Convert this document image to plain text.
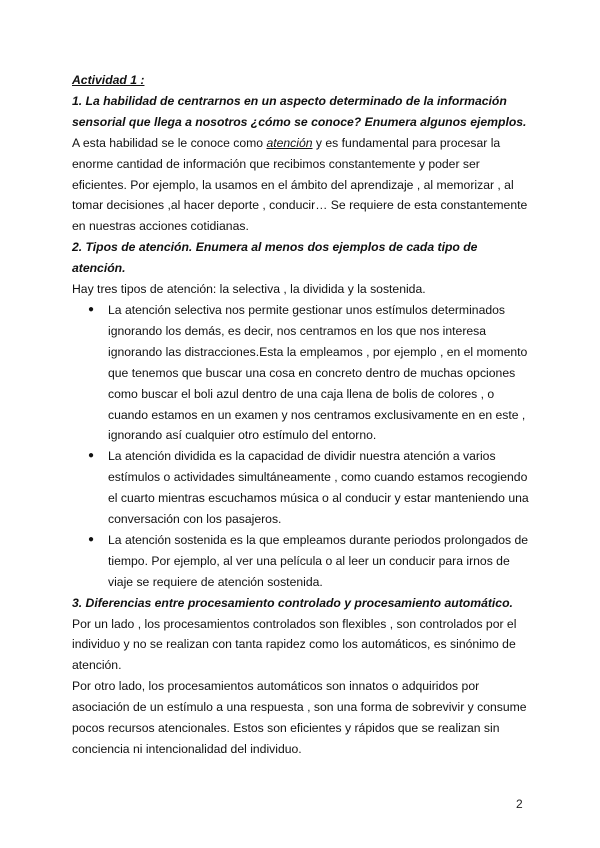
Actividad 1 :

1. La habilidad de centrarnos en un aspecto determinado de la información sensorial que llega a nosotros ¿cómo se conoce? Enumera algunos ejemplos.

A esta habilidad se le conoce como atención y es fundamental para procesar la enorme cantidad de información que recibimos constantemente y poder ser eficientes. Por ejemplo, la usamos en el ámbito del aprendizaje , al memorizar , al tomar decisiones ,al hacer deporte , conducir… Se requiere de esta constantemente en nuestras acciones cotidianas.

2. Tipos de atención. Enumera al menos dos ejemplos de cada tipo de atención.

Hay tres tipos de atención: la selectiva , la dividida y la sostenida.

● La atención selectiva nos permite gestionar unos estímulos determinados ignorando los demás, es decir, nos centramos en los que nos interesa ignorando las distracciones.Esta la empleamos , por ejemplo , en el momento que tenemos que buscar una cosa en concreto dentro de muchas opciones como buscar el boli azul dentro de una caja llena de bolis de colores , o cuando estamos en un examen y nos centramos exclusivamente en en este , ignorando así cualquier otro estímulo del entorno.
● La atención dividida es la capacidad de dividir nuestra atención a varios estímulos o actividades simultáneamente , como cuando estamos recogiendo el cuarto mientras escuchamos música o al conducir y estar manteniendo una conversación con los pasajeros.
● La atención sostenida es la que empleamos durante periodos prolongados de tiempo. Por ejemplo, al ver una película o al leer un conducir para irnos de viaje se requiere de atención sostenida.

3. Diferencias entre procesamiento controlado y procesamiento automático.

Por un lado , los procesamientos controlados son flexibles , son controlados por el individuo y no se realizan con tanta rapidez como los automáticos, es sinónimo de atención.

Por otro lado, los procesamientos automáticos son innatos o adquiridos por asociación de un estímulo a una respuesta , son una forma de sobrevivir y consume pocos recursos atencionales. Estos son eficientes y rápidos que se realizan sin conciencia ni intencionalidad del individuo.

2
